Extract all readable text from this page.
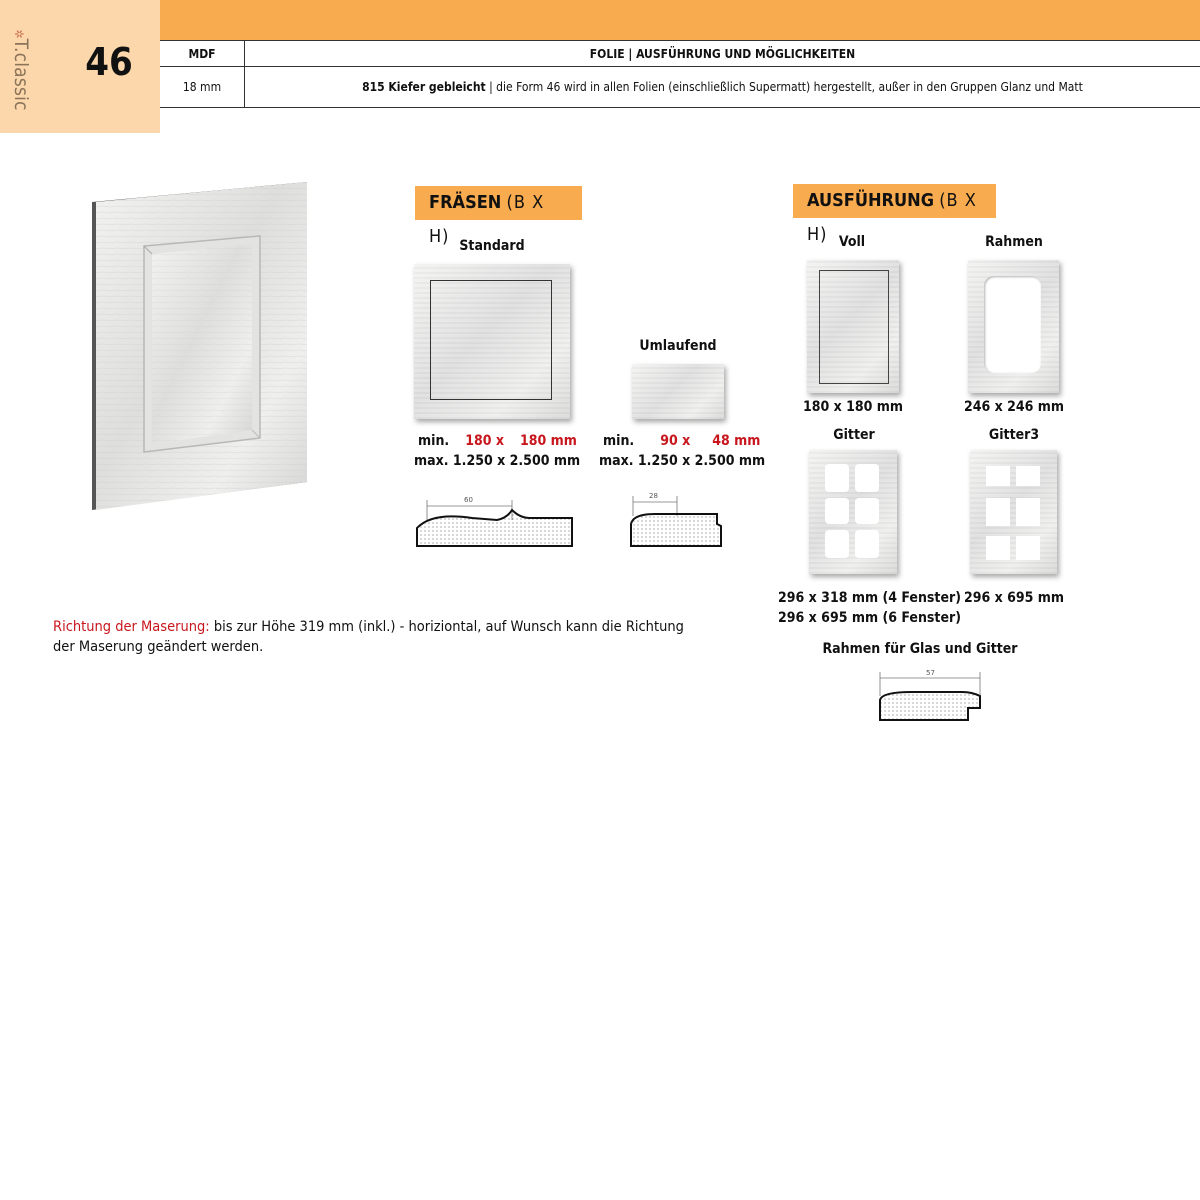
✲T.classic	46	MDF	FOLIE | AUSFÜHRUNG UND MÖGLICHKEITEN
18 mm	815 Kiefer gebleicht | die Form 46 wird in allen Folien (einschließlich Supermatt) hergestellt, außer in den Gruppen Glanz und Matt
FRÄSEN (B X H) Standard
min. 180 x 180 mm
max. 1.250 x 2.500 mm
60
Umlaufend
min. 90 x 48 mm
max. 1.250 x 2.500 mm
28
AUSFÜHRUNG (B X H) Voll
180 x 180 mm
Rahmen
246 x 246 mm
Gitter
296 x 318 mm (4 Fenster)
296 x 695 mm (6 Fenster)
Gitter3
296 x 695 mm
Rahmen für Glas und Gitter
57
Richtung der Maserung: bis zur Höhe 319 mm (inkl.) - horiziontal, auf Wunsch kann die Richtung der Maserung geändert werden.
